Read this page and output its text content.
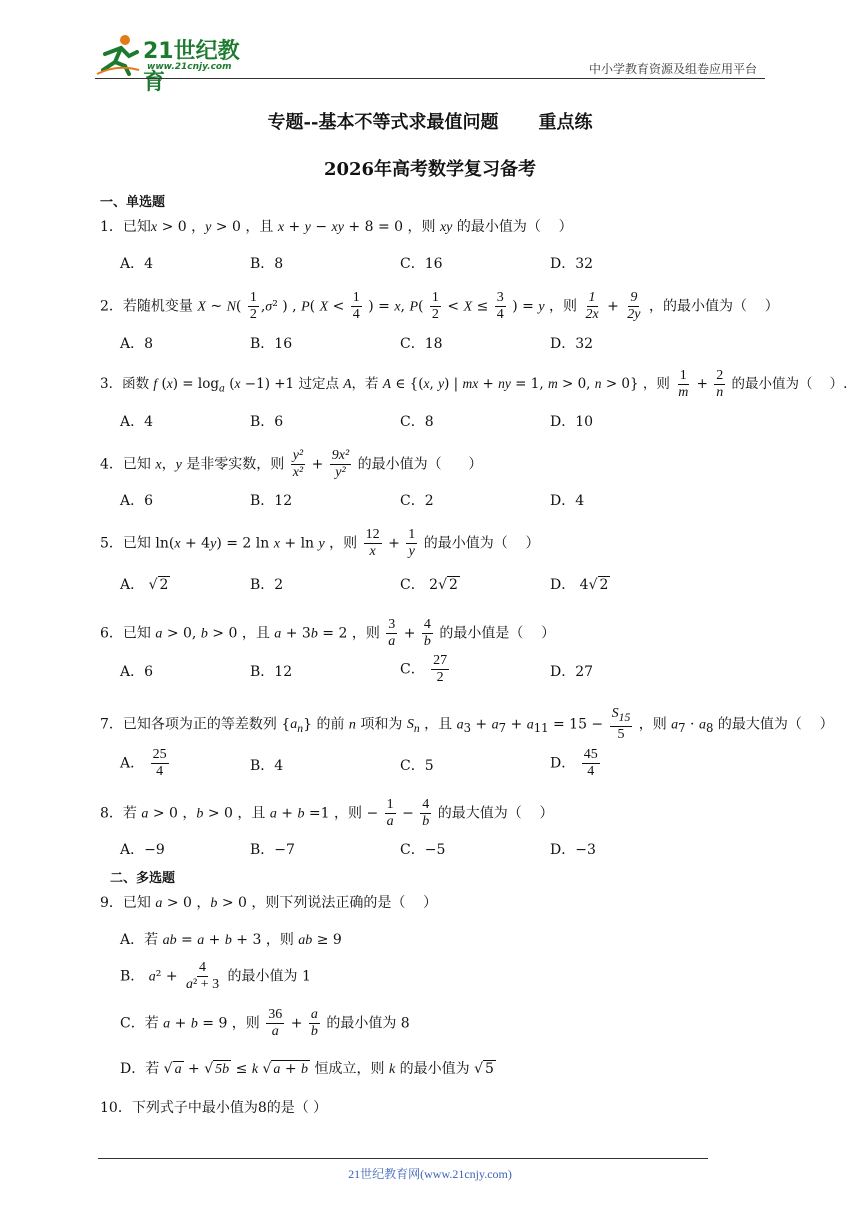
21世纪教育
www.21cnjy.com	中小学教育资源及组卷应用平台
专题--基本不等式求最值问题 重点练
2026年高考数学复习备考
一、单选题
1．已知x > 0 ，y > 0 ，且 x + y − xy + 8 = 0 ，则 xy 的最小值为（    ）
A．4	B．8	C．16	D．32
2．若随机变量 X ~ $N( \frac{1}{2} ,\sigma^2$ ) , P( $X < \frac{1}{4}$ ) = x, $P( \frac{1}{2} < X \le \frac{3}{4}$ ) = y ，则 $\frac{1}{2x} + \frac{9}{2y}$ ，的最小值为（    ）
A．8	B．16	C．18	D．32
3．函数 f $(x) = \log_a (x -1) +1$ 过定点 A，若 A ∈ {(x, y) | mx + ny = 1, m > 0, n > 0} ，则 $\frac{1}{m} + \frac{2}{n}$ 的最小值为（    ）.
A．4	B．6	C．8	D．10
4．已知 x，y 是非零实数，则 $\frac{\text{y²}}{\text{x²}} + \frac{\text{9x²}}{\text{y²}}$ 的最小值为（      ）
A．6	B．12	C．2	D．4
5．已知 ln(x + 4y) = 2 ln x + ln y ，则 $\frac{12}{x} + \frac{1}{y}$ 的最小值为（    ）
A． √ 2	B．2	C． 2√ 2	D． 4√ 2
6．已知 a > 0, b > 0 ，且 a + 3b = 2 ，则 $\frac{3}{a} + \frac{4}{b}$ 的最小值是（    ）
A．6	B．12	C． $\frac{27}{2}$	D．27
7．已知各项为正的等差数列 $\{a_n\}$ 的前 n 项和为 $S_n$ ，且 $a_3 + a_7 + a_{11} = 15 - \frac{S_{15}}{5}$ ，则 $a_7 \cdot a_8$ 的最大值为（    ）
A． $\frac{25}{4}$	B．4	C．5	D． $\frac{45}{4}$
8．若 a > 0 ，b > 0 ，且 a + b =1 ，则 − $\frac{1}{a} - \frac{4}{b}$ 的最大值为（    ）
A．−9	B．−7	C．−5	D．−3
二、多选题
9．已知 a > 0 ，b > 0 ，则下列说法正确的是（    ）
A．若 ab = a + b + 3 ，则 ab ≥ 9
B． $a^2 + \frac{4}{\text{a² + 3}}$ 的最小值为 1
C．若 a + b = 9 ，则 $\frac{36}{a} + \frac{a}{b}$ 的最小值为 8
D．若 √ a + √ 5b ≤ k √ a + b 恒成立，则 k 的最小值为 √ 5
10．下列式子中最小值为8的是（ ）
21世纪教育网(www.21cnjy.com)
